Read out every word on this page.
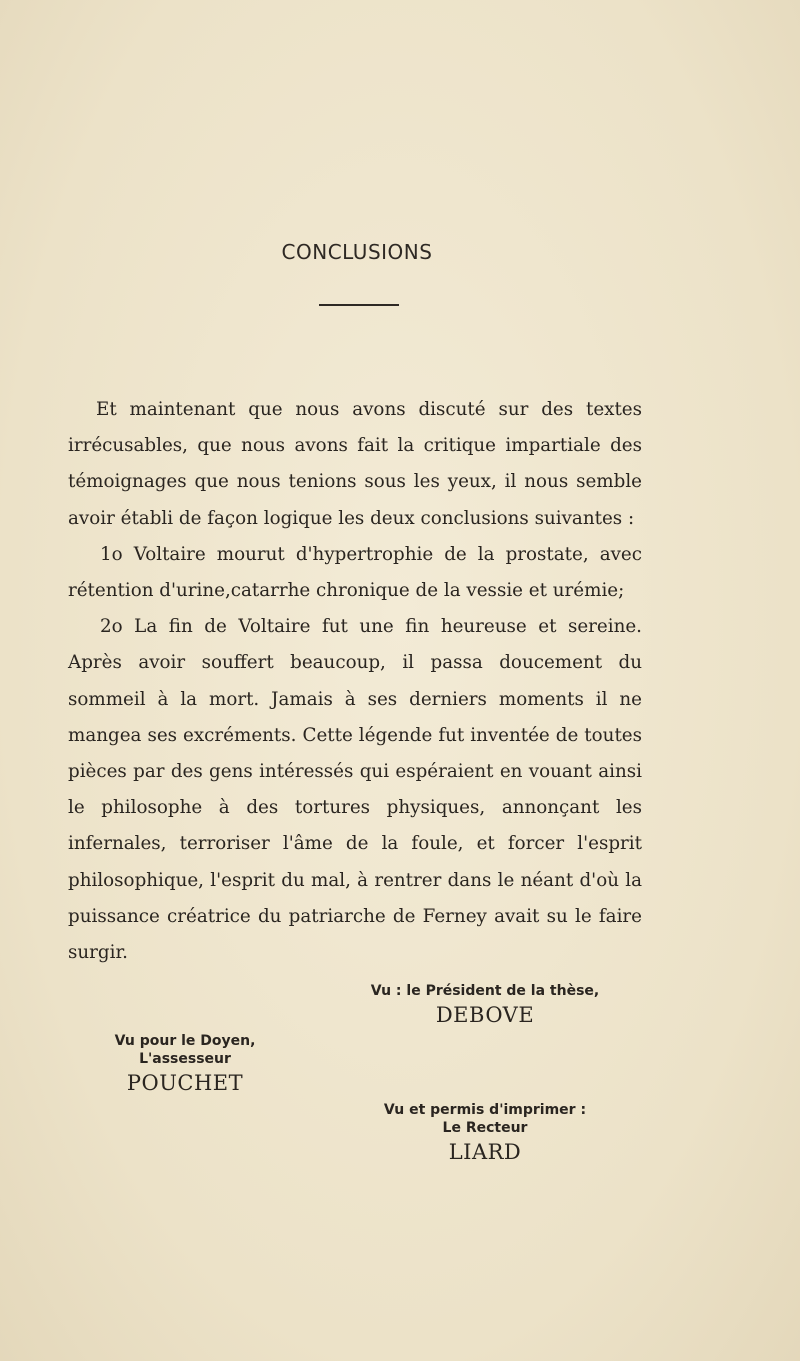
CONCLUSIONS

Et maintenant que nous avons discuté sur des textes irrécusables, que nous avons fait la critique impartiale des témoignages que nous tenions sous les yeux, il nous semble avoir établi de façon logique les deux conclusions suivantes :

1o Voltaire mourut d'hypertrophie de la prostate, avec rétention d'urine,catarrhe chronique de la vessie et urémie;

2o La fin de Voltaire fut une fin heureuse et sereine. Après avoir souffert beaucoup, il passa doucement du sommeil à la mort. Jamais à ses derniers moments il ne mangea ses excréments. Cette légende fut inventée de toutes pièces par des gens intéressés qui espéraient en vouant ainsi le philosophe à des tortures physiques, annonçant les infernales, terroriser l'âme de la foule, et forcer l'esprit philosophique, l'esprit du mal, à rentrer dans le néant d'où la puissance créatrice du patriarche de Ferney avait su le faire surgir.

Vu : le Président de la thèse,
DEBOVE
Vu pour le Doyen,
L'assesseur
POUCHET
Vu et permis d'imprimer :
Le Recteur
LIARD
